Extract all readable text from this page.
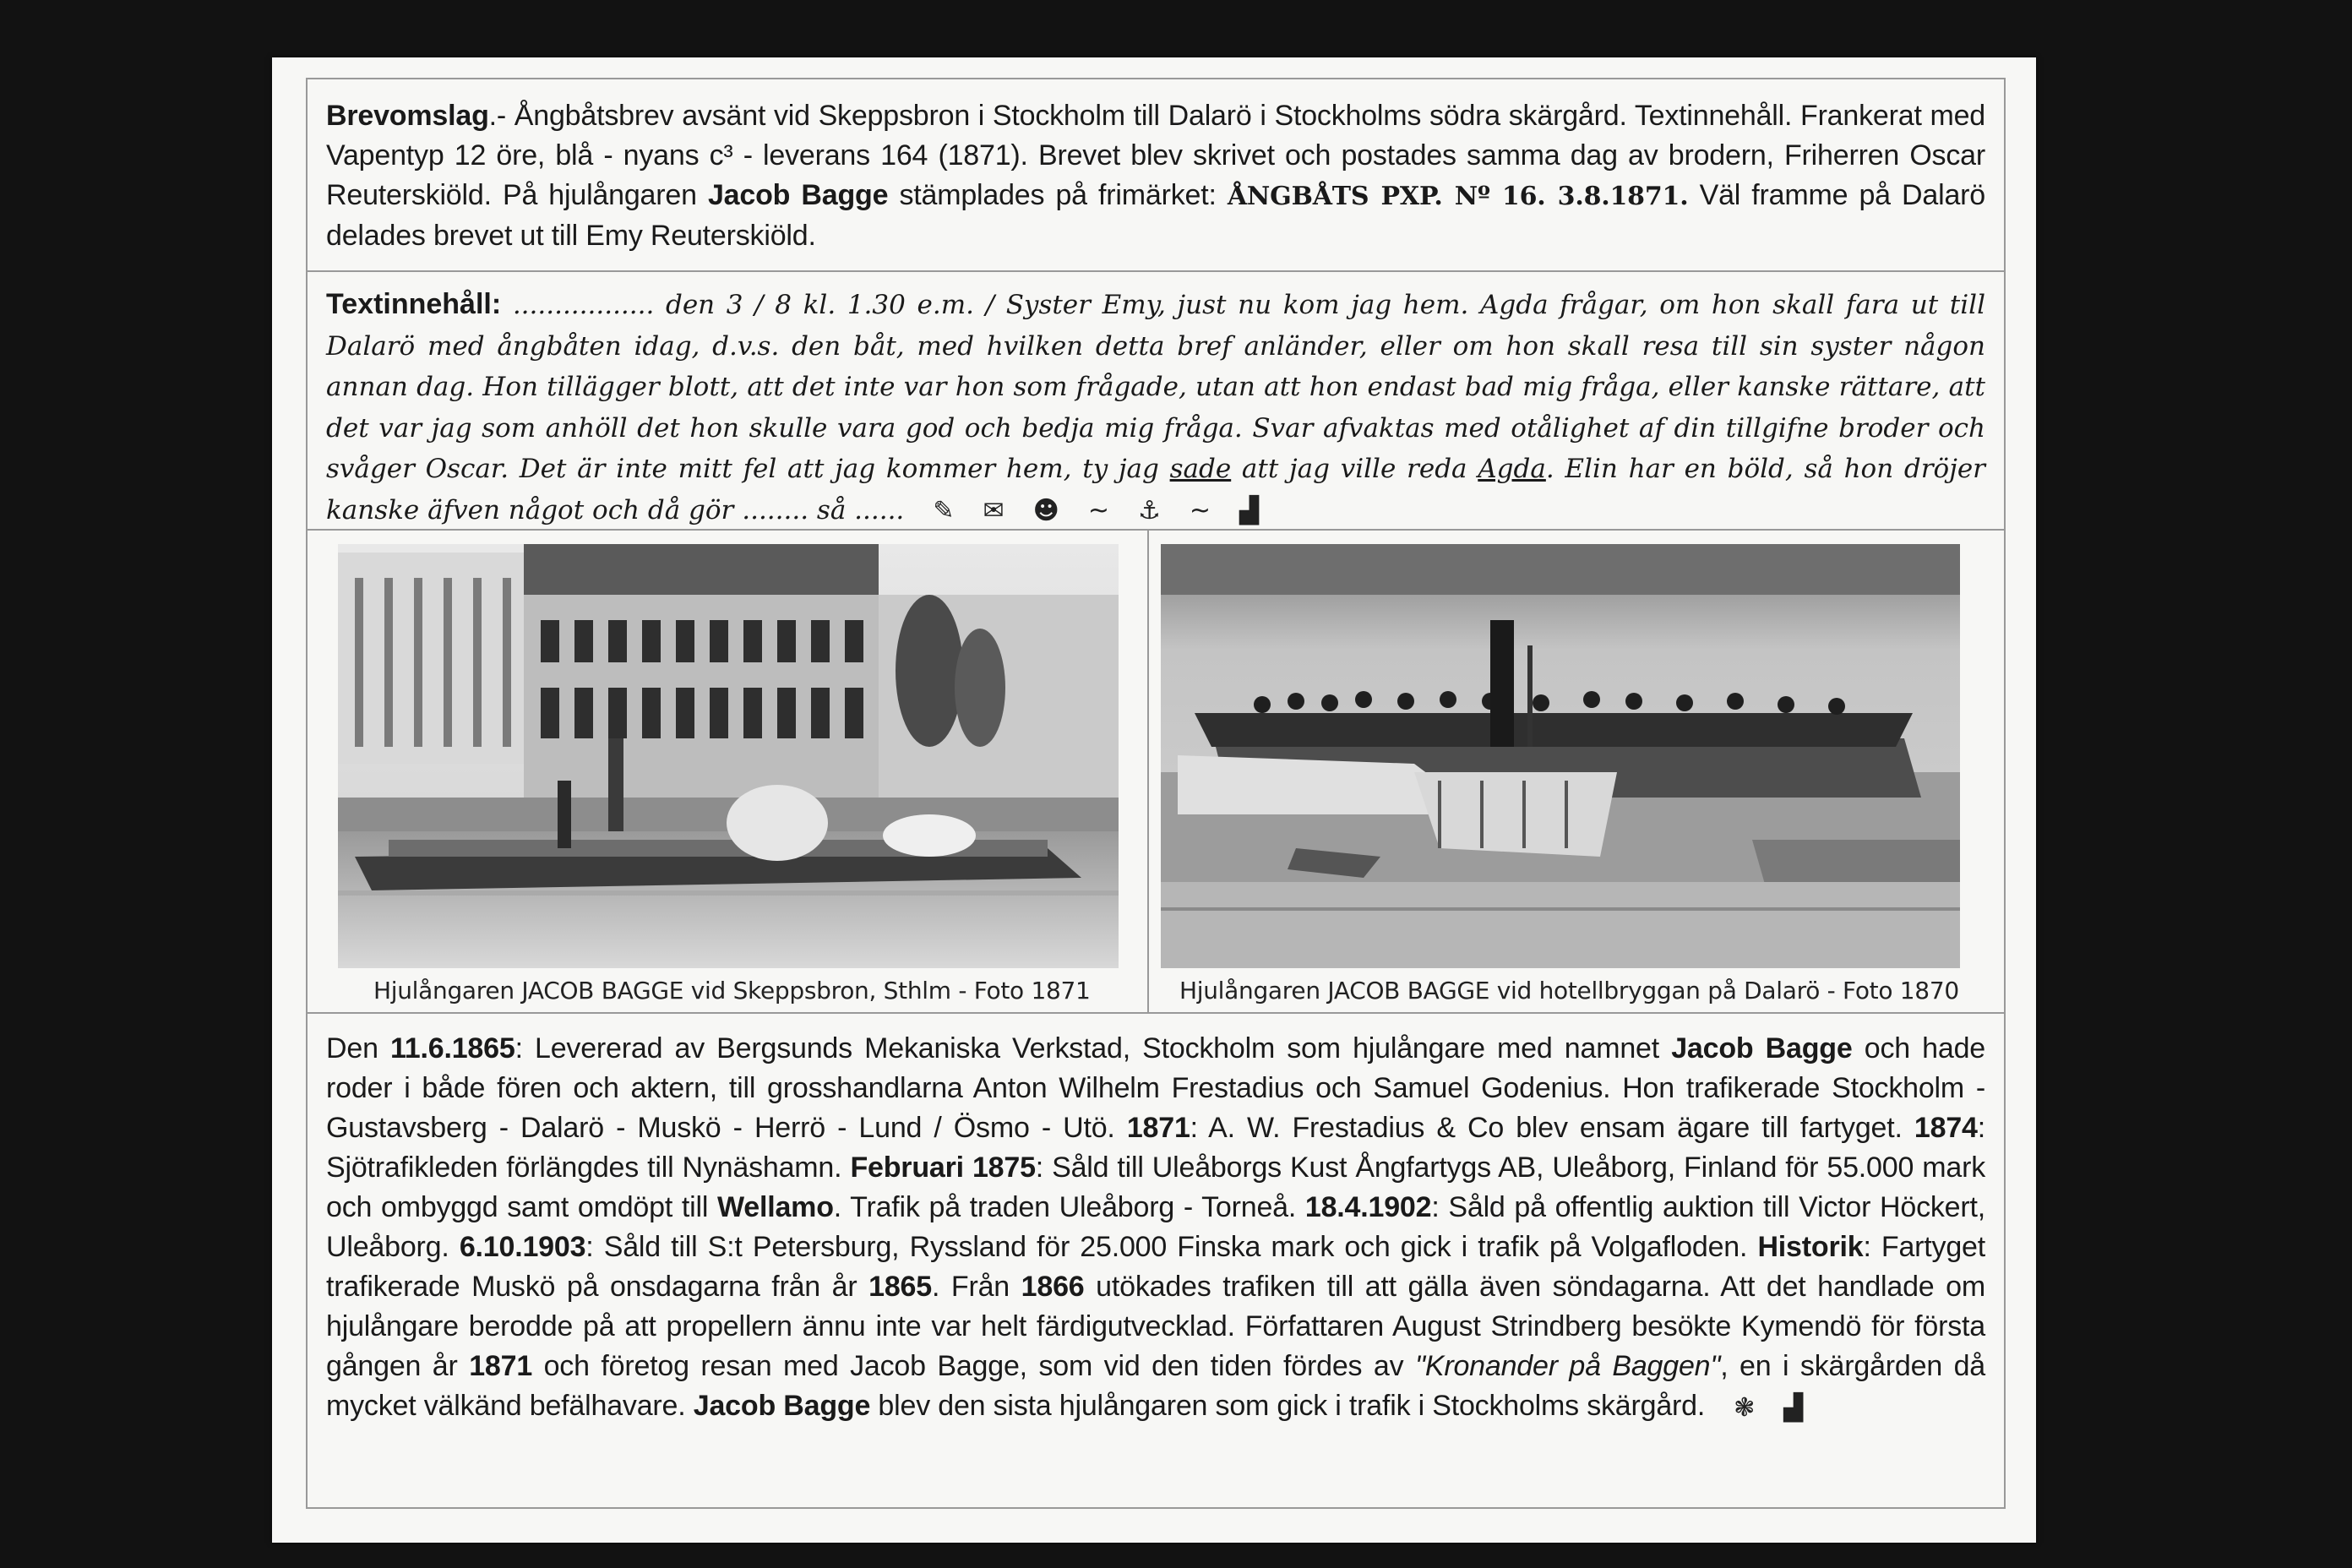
Brevomslag.- Ångbåtsbrev avsänt vid Skeppsbron i Stockholm till Dalarö i Stockholms södra skärgård. Textinnehåll. Frankerat med Vapentyp 12 öre, blå - nyans c³ - leverans 164 (1871). Brevet blev skrivet och postades samma dag av brodern, Friherren Oscar Reuterskiöld. På hjulångaren Jacob Bagge stämplades på frimärket: ÅNGBÅTS PXP. Nº 16. 3.8.1871. Väl framme på Dalarö delades brevet ut till Emy Reuterskiöld.
Textinnehåll: ................. den 3 / 8 kl. 1.30 e.m. / Syster Emy, just nu kom jag hem. Agda frågar, om hon skall fara ut till Dalarö med ångbåten idag, d.v.s. den båt, med hvilken detta bref anländer, eller om hon skall resa till sin syster någon annan dag. Hon tillägger blott, att det inte var hon som frågade, utan att hon endast bad mig fråga, eller kanske rättare, att det var jag som anhöll det hon skulle vara god och bedja mig fråga. Svar afvaktas med otålighet af din tillgifne broder och svåger Oscar. Det är inte mitt fel att jag kommer hem, ty jag sade att jag ville reda Agda. Elin har en böld, så hon dröjer kanske äfven något och då gör ........ så ...... ✎ ✉ ☻ ~ ⚓ ~ ▟
Hjulångaren JACOB BAGGE vid Skeppsbron, Sthlm - Foto 1871	Hjulångaren JACOB BAGGE vid hotellbryggan på Dalarö - Foto 1870
Den 11.6.1865: Levererad av Bergsunds Mekaniska Verkstad, Stockholm som hjulångare med namnet Jacob Bagge och hade roder i både fören och aktern, till grosshandlarna Anton Wilhelm Frestadius och Samuel Godenius. Hon trafikerade Stockholm - Gustavsberg - Dalarö - Muskö - Herrö - Lund / Ösmo - Utö. 1871: A. W. Frestadius & Co blev ensam ägare till fartyget. 1874: Sjötrafikleden förlängdes till Nynäshamn. Februari 1875: Såld till Uleåborgs Kust Ångfartygs AB, Uleåborg, Finland för 55.000 mark och ombyggd samt omdöpt till Wellamo. Trafik på traden Uleåborg - Torneå. 18.4.1902: Såld på offentlig auktion till Victor Höckert, Uleåborg. 6.10.1903: Såld till S:t Petersburg, Ryssland för 25.000 Finska mark och gick i trafik på Volgafloden. Historik: Fartyget trafikerade Muskö på onsdagarna från år 1865. Från 1866 utökades trafiken till att gälla även söndagarna. Att det handlade om hjulångare berodde på att propellern ännu inte var helt färdigutvecklad. Författaren August Strindberg besökte Kymendö för första gången år 1871 och företog resan med Jacob Bagge, som vid den tiden fördes av "Kronander på Baggen", en i skärgården då mycket välkänd befälhavare. Jacob Bagge blev den sista hjulångaren som gick i trafik i Stockholms skärgård. ❃ ▟
